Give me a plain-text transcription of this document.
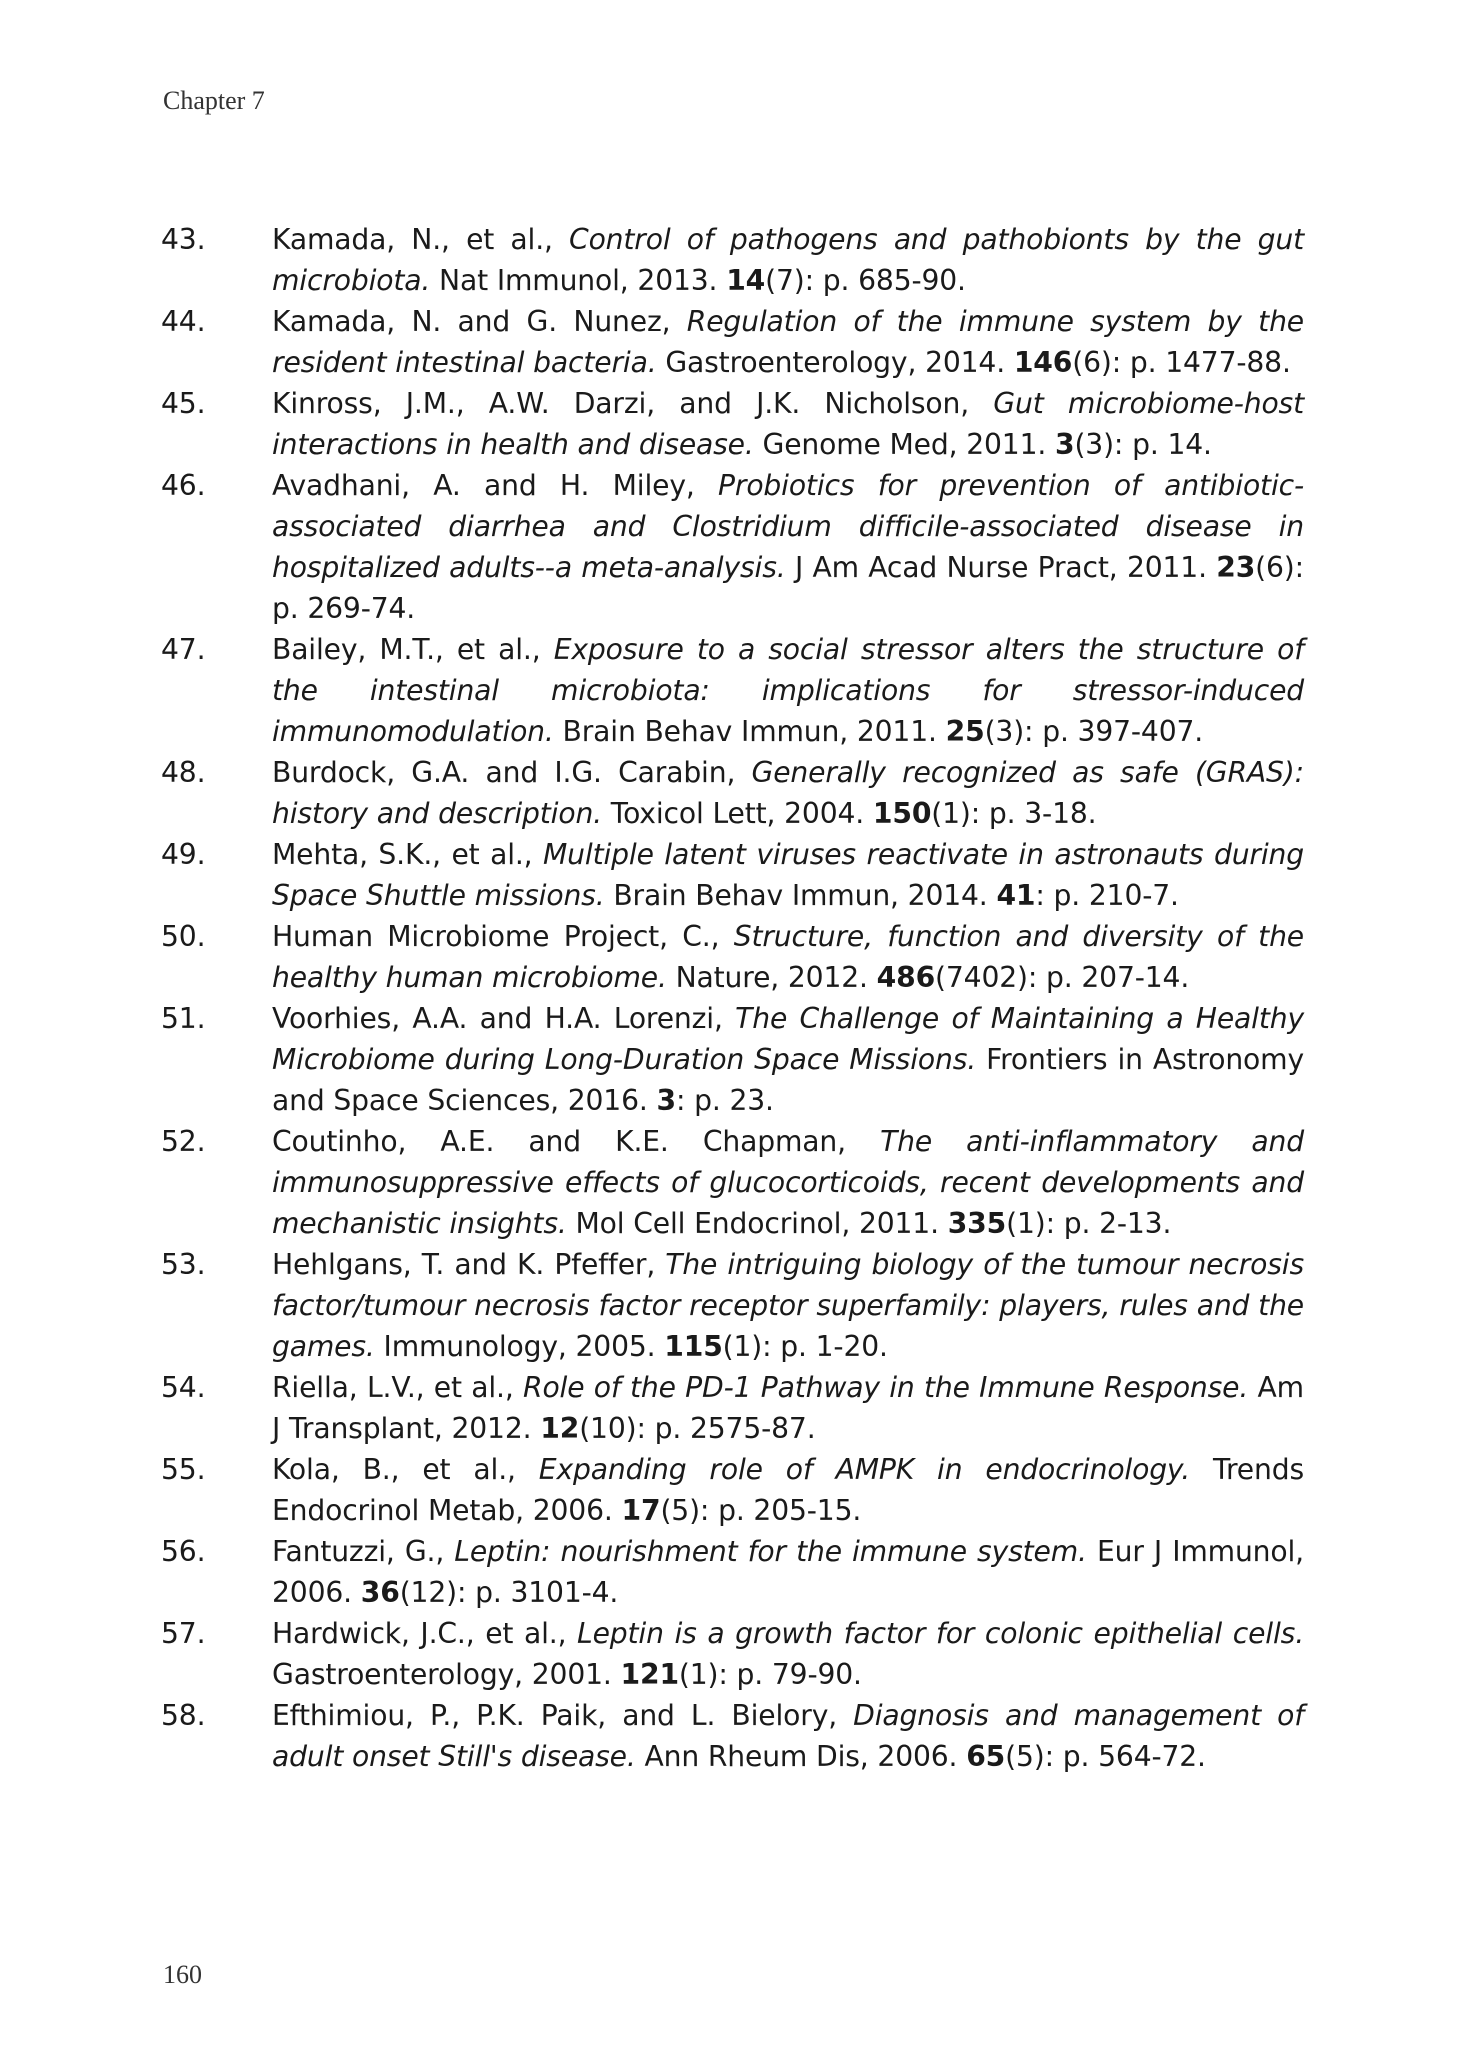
Chapter 7
43.	Kamada, N., et al., Control of pathogens and pathobionts by the gut microbiota. Nat Immunol, 2013. 14(7): p. 685-90.
44.	Kamada, N. and G. Nunez, Regulation of the immune system by the resident intestinal bacteria. Gastroenterology, 2014. 146(6): p. 1477-88.
45.	Kinross, J.M., A.W. Darzi, and J.K. Nicholson, Gut microbiome-host interactions in health and disease. Genome Med, 2011. 3(3): p. 14.
46.	Avadhani, A. and H. Miley, Probiotics for prevention of antibiotic-associated diarrhea and Clostridium difficile-associated disease in hospitalized adults--a meta-analysis. J Am Acad Nurse Pract, 2011. 23(6): p. 269-74.
47.	Bailey, M.T., et al., Exposure to a social stressor alters the structure of the intestinal microbiota: implications for stressor-induced immunomodulation. Brain Behav Immun, 2011. 25(3): p. 397-407.
48.	Burdock, G.A. and I.G. Carabin, Generally recognized as safe (GRAS): history and description. Toxicol Lett, 2004. 150(1): p. 3-18.
49.	Mehta, S.K., et al., Multiple latent viruses reactivate in astronauts during Space Shuttle missions. Brain Behav Immun, 2014. 41: p. 210-7.
50.	Human Microbiome Project, C., Structure, function and diversity of the healthy human microbiome. Nature, 2012. 486(7402): p. 207-14.
51.	Voorhies, A.A. and H.A. Lorenzi, The Challenge of Maintaining a Healthy Microbiome during Long-Duration Space Missions. Frontiers in Astronomy and Space Sciences, 2016. 3: p. 23.
52.	Coutinho, A.E. and K.E. Chapman, The anti-inflammatory and immunosuppressive effects of glucocorticoids, recent developments and mechanistic insights. Mol Cell Endocrinol, 2011. 335(1): p. 2-13.
53.	Hehlgans, T. and K. Pfeffer, The intriguing biology of the tumour necrosis factor/tumour necrosis factor receptor superfamily: players, rules and the games. Immunology, 2005. 115(1): p. 1-20.
54.	Riella, L.V., et al., Role of the PD-1 Pathway in the Immune Response. Am J Transplant, 2012. 12(10): p. 2575-87.
55.	Kola, B., et al., Expanding role of AMPK in endocrinology. Trends Endocrinol Metab, 2006. 17(5): p. 205-15.
56.	Fantuzzi, G., Leptin: nourishment for the immune system. Eur J Immunol, 2006. 36(12): p. 3101-4.
57.	Hardwick, J.C., et al., Leptin is a growth factor for colonic epithelial cells. Gastroenterology, 2001. 121(1): p. 79-90.
58.	Efthimiou, P., P.K. Paik, and L. Bielory, Diagnosis and management of adult onset Still's disease. Ann Rheum Dis, 2006. 65(5): p. 564-72.
160
